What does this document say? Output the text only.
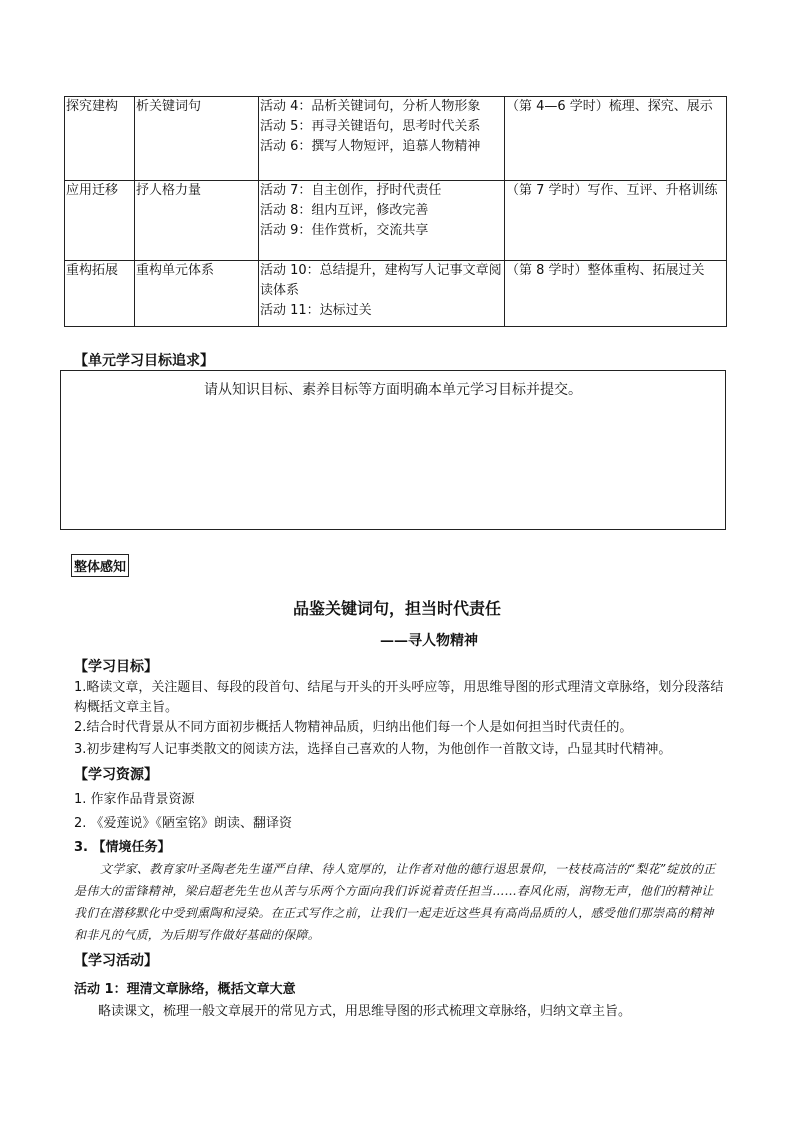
探究建构	析关键词句	活动 4：品析关键词句，分析人物形象
活动 5：再寻关键语句，思考时代关系
活动 6：撰写人物短评，追慕人物精神	（第 4—6 学时）梳理、探究、展示
应用迁移	抒人格力量	活动 7：自主创作，抒时代责任
活动 8：组内互评，修改完善
活动 9：佳作赏析，交流共享	（第 7 学时）写作、互评、升格训练
重构拓展	重构单元体系	活动 10：总结提升，建构写人记事文章阅读体系
活动 11：达标过关	（第 8 学时）整体重构、拓展过关
【单元学习目标追求】

请从知识目标、素养目标等方面明确本单元学习目标并提交。

整体感知
品鉴关键词句，担当时代责任
——寻人物精神
【学习目标】
1.略读文章，关注题目、每段的段首句、结尾与开头的开头呼应等，用思维导图的形式理清文章脉络，划分段落结构概括文章主旨。
2.结合时代背景从不同方面初步概括人物精神品质，归纳出他们每一个人是如何担当时代责任的。
3.初步建构写人记事类散文的阅读方法，选择自己喜欢的人物，为他创作一首散文诗，凸显其时代精神。
【学习资源】
1. 作家作品背景资源
2. 《爱莲说》《陋室铭》朗读、翻译资
3. 【情境任务】
文学家、教育家叶圣陶老先生谨严自律、待人宽厚的，让作者对他的德行退思景仰，一枝枝高洁的“梨花”绽放的正是伟大的雷锋精神，梁启超老先生也从苦与乐两个方面向我们诉说着责任担当……春风化雨，润物无声，他们的精神让我们在潜移默化中受到熏陶和浸染。在正式写作之前，让我们一起走近这些具有高尚品质的人，感受他们那崇高的精神和非凡的气质，为后期写作做好基础的保障。
【学习活动】
活动 1：理清文章脉络，概括文章大意
略读课文，梳理一般文章展开的常见方式，用思维导图的形式梳理文章脉络，归纳文章主旨。
